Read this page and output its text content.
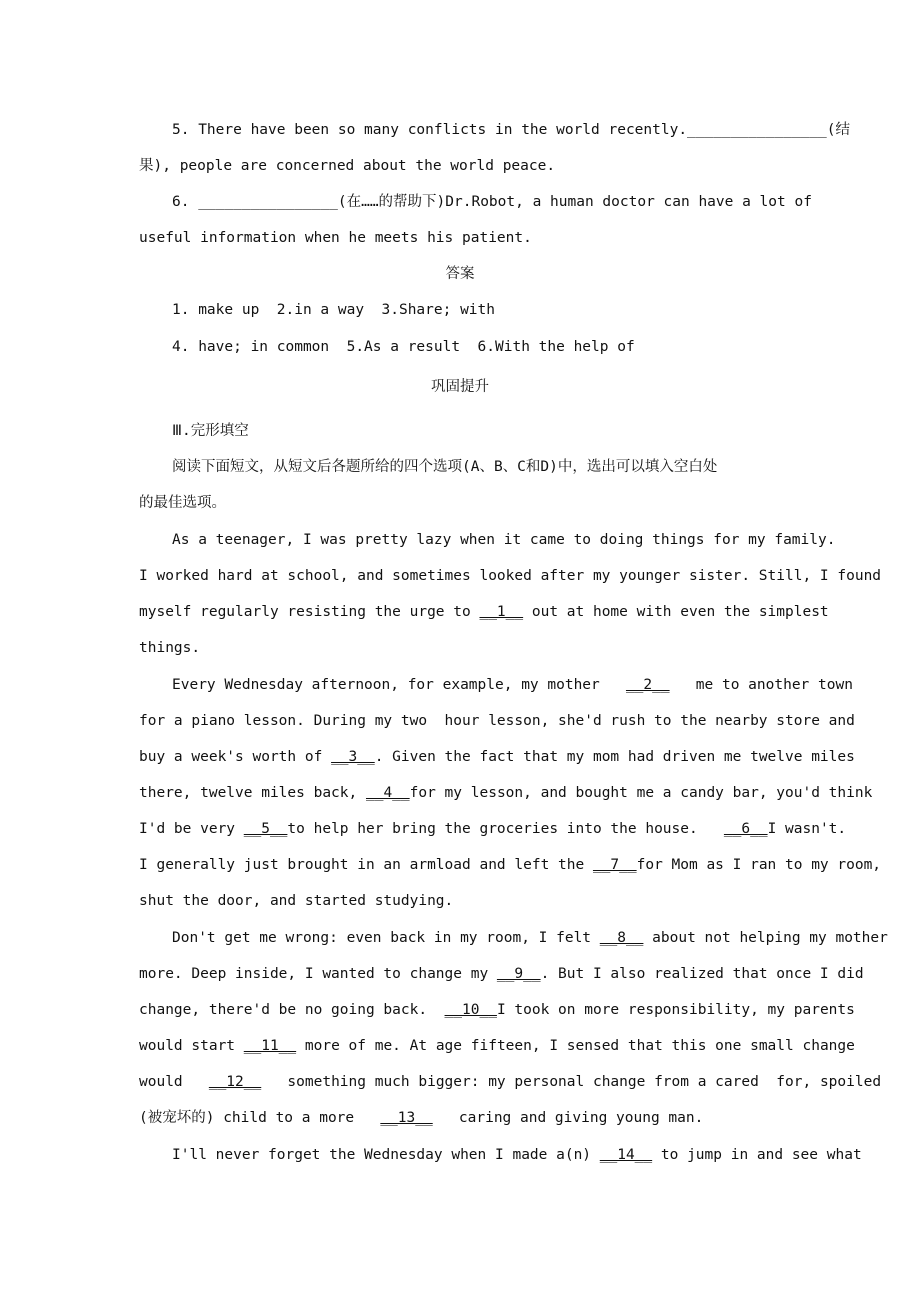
5. There have been so many conflicts in the world recently.________________(结
果), people are concerned about the world peace.
6. ________________(在……的帮助下)Dr.Robot, a human doctor can have a lot of
useful information when he meets his patient.
答案
1. make up  2.in a way  3.Share; with
4. have; in common  5.As a result  6.With the help of
巩固提升
Ⅲ.完形填空
阅读下面短文，从短文后各题所给的四个选项(A、B、C和D)中，选出可以填入空白处
的最佳选项。
As a teenager, I was pretty lazy when it came to doing things for my family.
I worked hard at school, and sometimes looked after my younger sister. Still, I found
myself regularly resisting the urge to __1__ out at home with even the simplest
things.
Every Wednesday afternoon, for example, my mother   __2__   me to another town
for a piano lesson. During my two  hour lesson, she'd rush to the nearby store and
buy a week's worth of __3__. Given the fact that my mom had driven me twelve miles
there, twelve miles back, __4__for my lesson, and bought me a candy bar, you'd think
I'd be very __5__to help her bring the groceries into the house.   __6__I wasn't.
I generally just brought in an armload and left the __7__for Mom as I ran to my room,
shut the door, and started studying.
Don't get me wrong: even back in my room, I felt __8__ about not helping my mother
more. Deep inside, I wanted to change my __9__. But I also realized that once I did
change, there'd be no going back.  __10__I took on more responsibility, my parents
would start __11__ more of me. At age fifteen, I sensed that this one small change
would   __12__   something much bigger: my personal change from a cared  for, spoiled
(被宠坏的) child to a more   __13__   caring and giving young man.
I'll never forget the Wednesday when I made a(n) __14__ to jump in and see what
